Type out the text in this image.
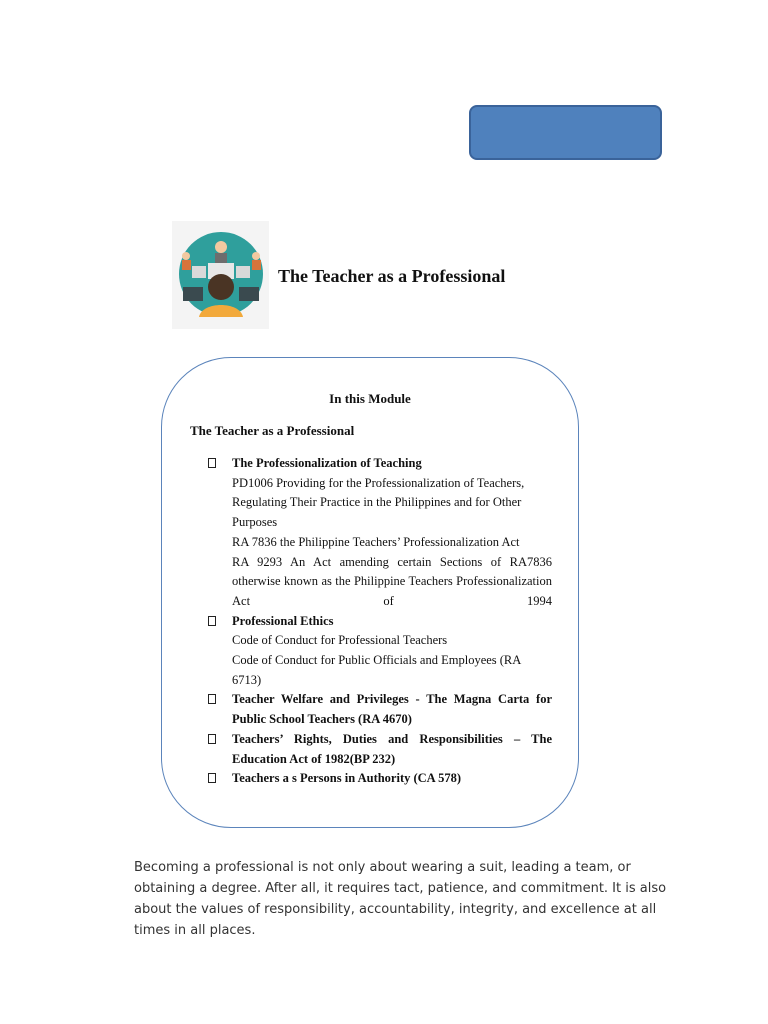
The Teacher as a Professional
In this Module
The Teacher as a Professional
The Professionalization of Teaching
PD1006 Providing for the Professionalization of Teachers, Regulating Their Practice in the Philippines and for Other Purposes
RA 7836 the Philippine Teachers’ Professionalization Act
RA 9293 An Act amending certain Sections of RA7836 otherwise known as the Philippine Teachers Professionalization Act of 1994
Professional Ethics
Code of Conduct for Professional Teachers
Code of Conduct for Public Officials and Employees (RA 6713)
Teacher Welfare and Privileges - The Magna Carta for Public School Teachers (RA 4670)
Teachers’ Rights, Duties and Responsibilities – The Education Act of 1982(BP 232)
Teachers a s Persons in Authority (CA 578)

Becoming a professional is not only about wearing a suit, leading a team, or obtaining a degree. After all, it requires tact, patience, and commitment. It is also about the values of responsibility, accountability, integrity, and excellence at all times in all places.
